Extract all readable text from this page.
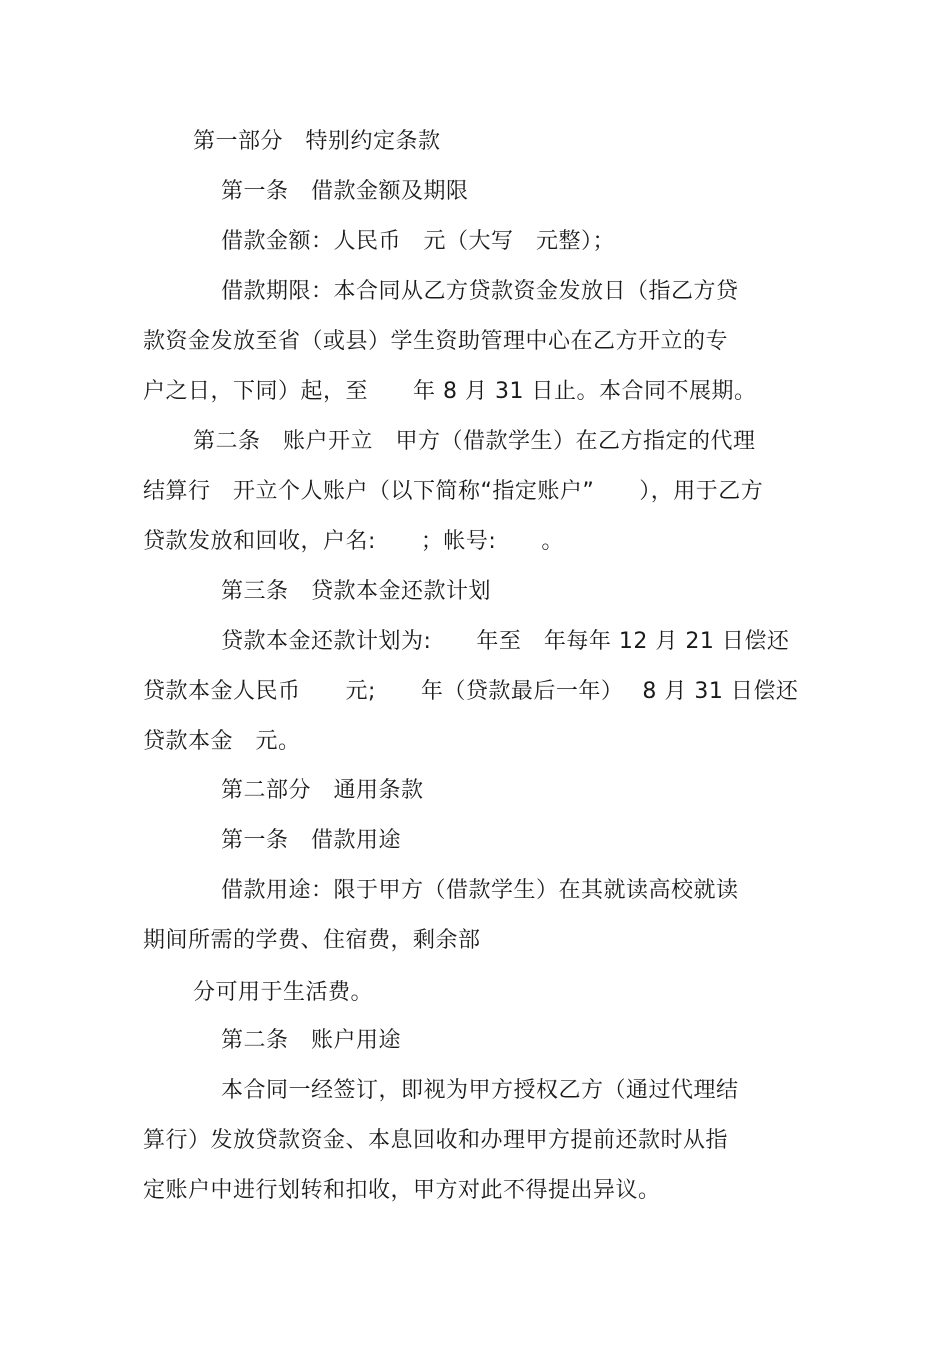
第一部分　特别约定条款
第一条　借款金额及期限
借款金额：人民币　元（大写　元整）；
借款期限：本合同从乙方贷款资金发放日（指乙方贷
款资金发放至省（或县）学生资助管理中心在乙方开立的专
户之日，下同）起，至　　年 8 月 31 日止。本合同不展期。
第二条　账户开立　甲方（借款学生）在乙方指定的代理
结算行　开立个人账户（以下简称“指定账户”　　），用于乙方
贷款发放和回收，户名:　　；帐号:　　。
第三条　贷款本金还款计划
贷款本金还款计划为:　　年至　年每年 12 月 21 日偿还
贷款本金人民币　　元;　　年（贷款最后一年）　 8 月 31 日偿还
贷款本金　元。
第二部分　通用条款
第一条　借款用途
借款用途：限于甲方（借款学生）在其就读高校就读
期间所需的学费、住宿费，剩余部
分可用于生活费。
第二条　账户用途
本合同一经签订，即视为甲方授权乙方（通过代理结
算行）发放贷款资金、本息回收和办理甲方提前还款时从指
定账户中进行划转和扣收，甲方对此不得提出异议。
